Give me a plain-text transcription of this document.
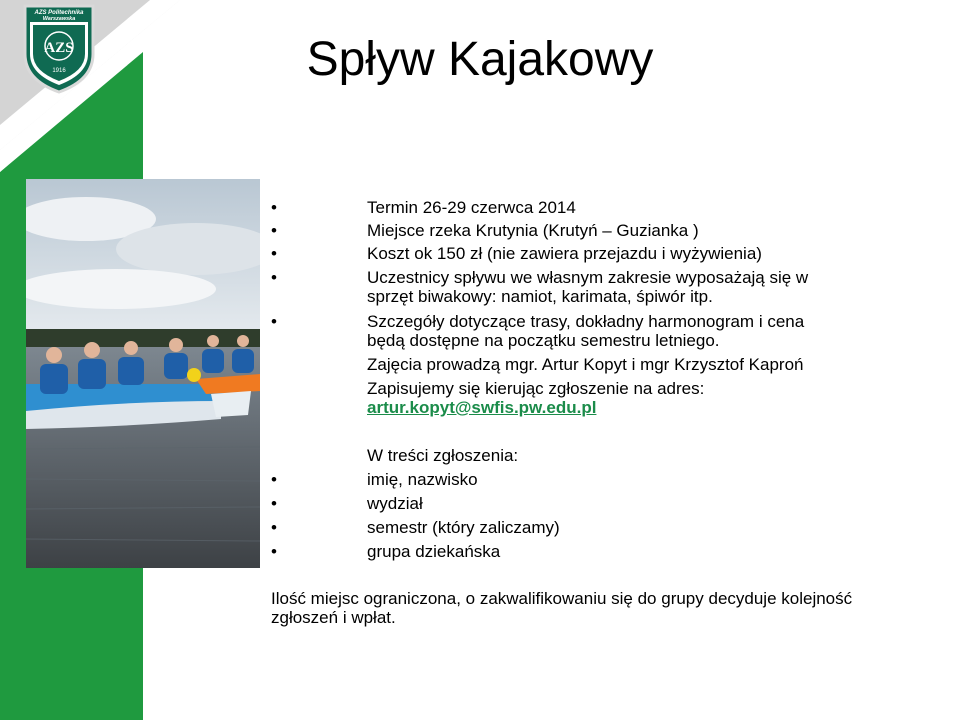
AZS Politechnika
Warszawska
AZS
1916	Spływ Kajakowy
•	Termin 26-29 czerwca 2014
•	Miejsce rzeka Krutynia (Krutyń – Guzianka )
•	Koszt ok 150 zł (nie zawiera przejazdu i wyżywienia)
•	Uczestnicy spływu we własnym zakresie wyposażają się w
sprzęt biwakowy: namiot, karimata, śpiwór itp.
•	Szczegóły dotyczące trasy, dokładny harmonogram i cena
będą dostępne na początku semestru letniego.
Zajęcia prowadzą mgr. Artur Kopyt i mgr Krzysztof Kaproń
Zapisujemy się kierując zgłoszenie na adres:
artur.kopyt@swfis.pw.edu.pl
W treści zgłoszenia:
•	imię, nazwisko
•	wydział
•	semestr (który zaliczamy)
•	grupa dziekańska
Ilość miejsc ograniczona, o zakwalifikowaniu się do grupy decyduje kolejność zgłoszeń i wpłat.
